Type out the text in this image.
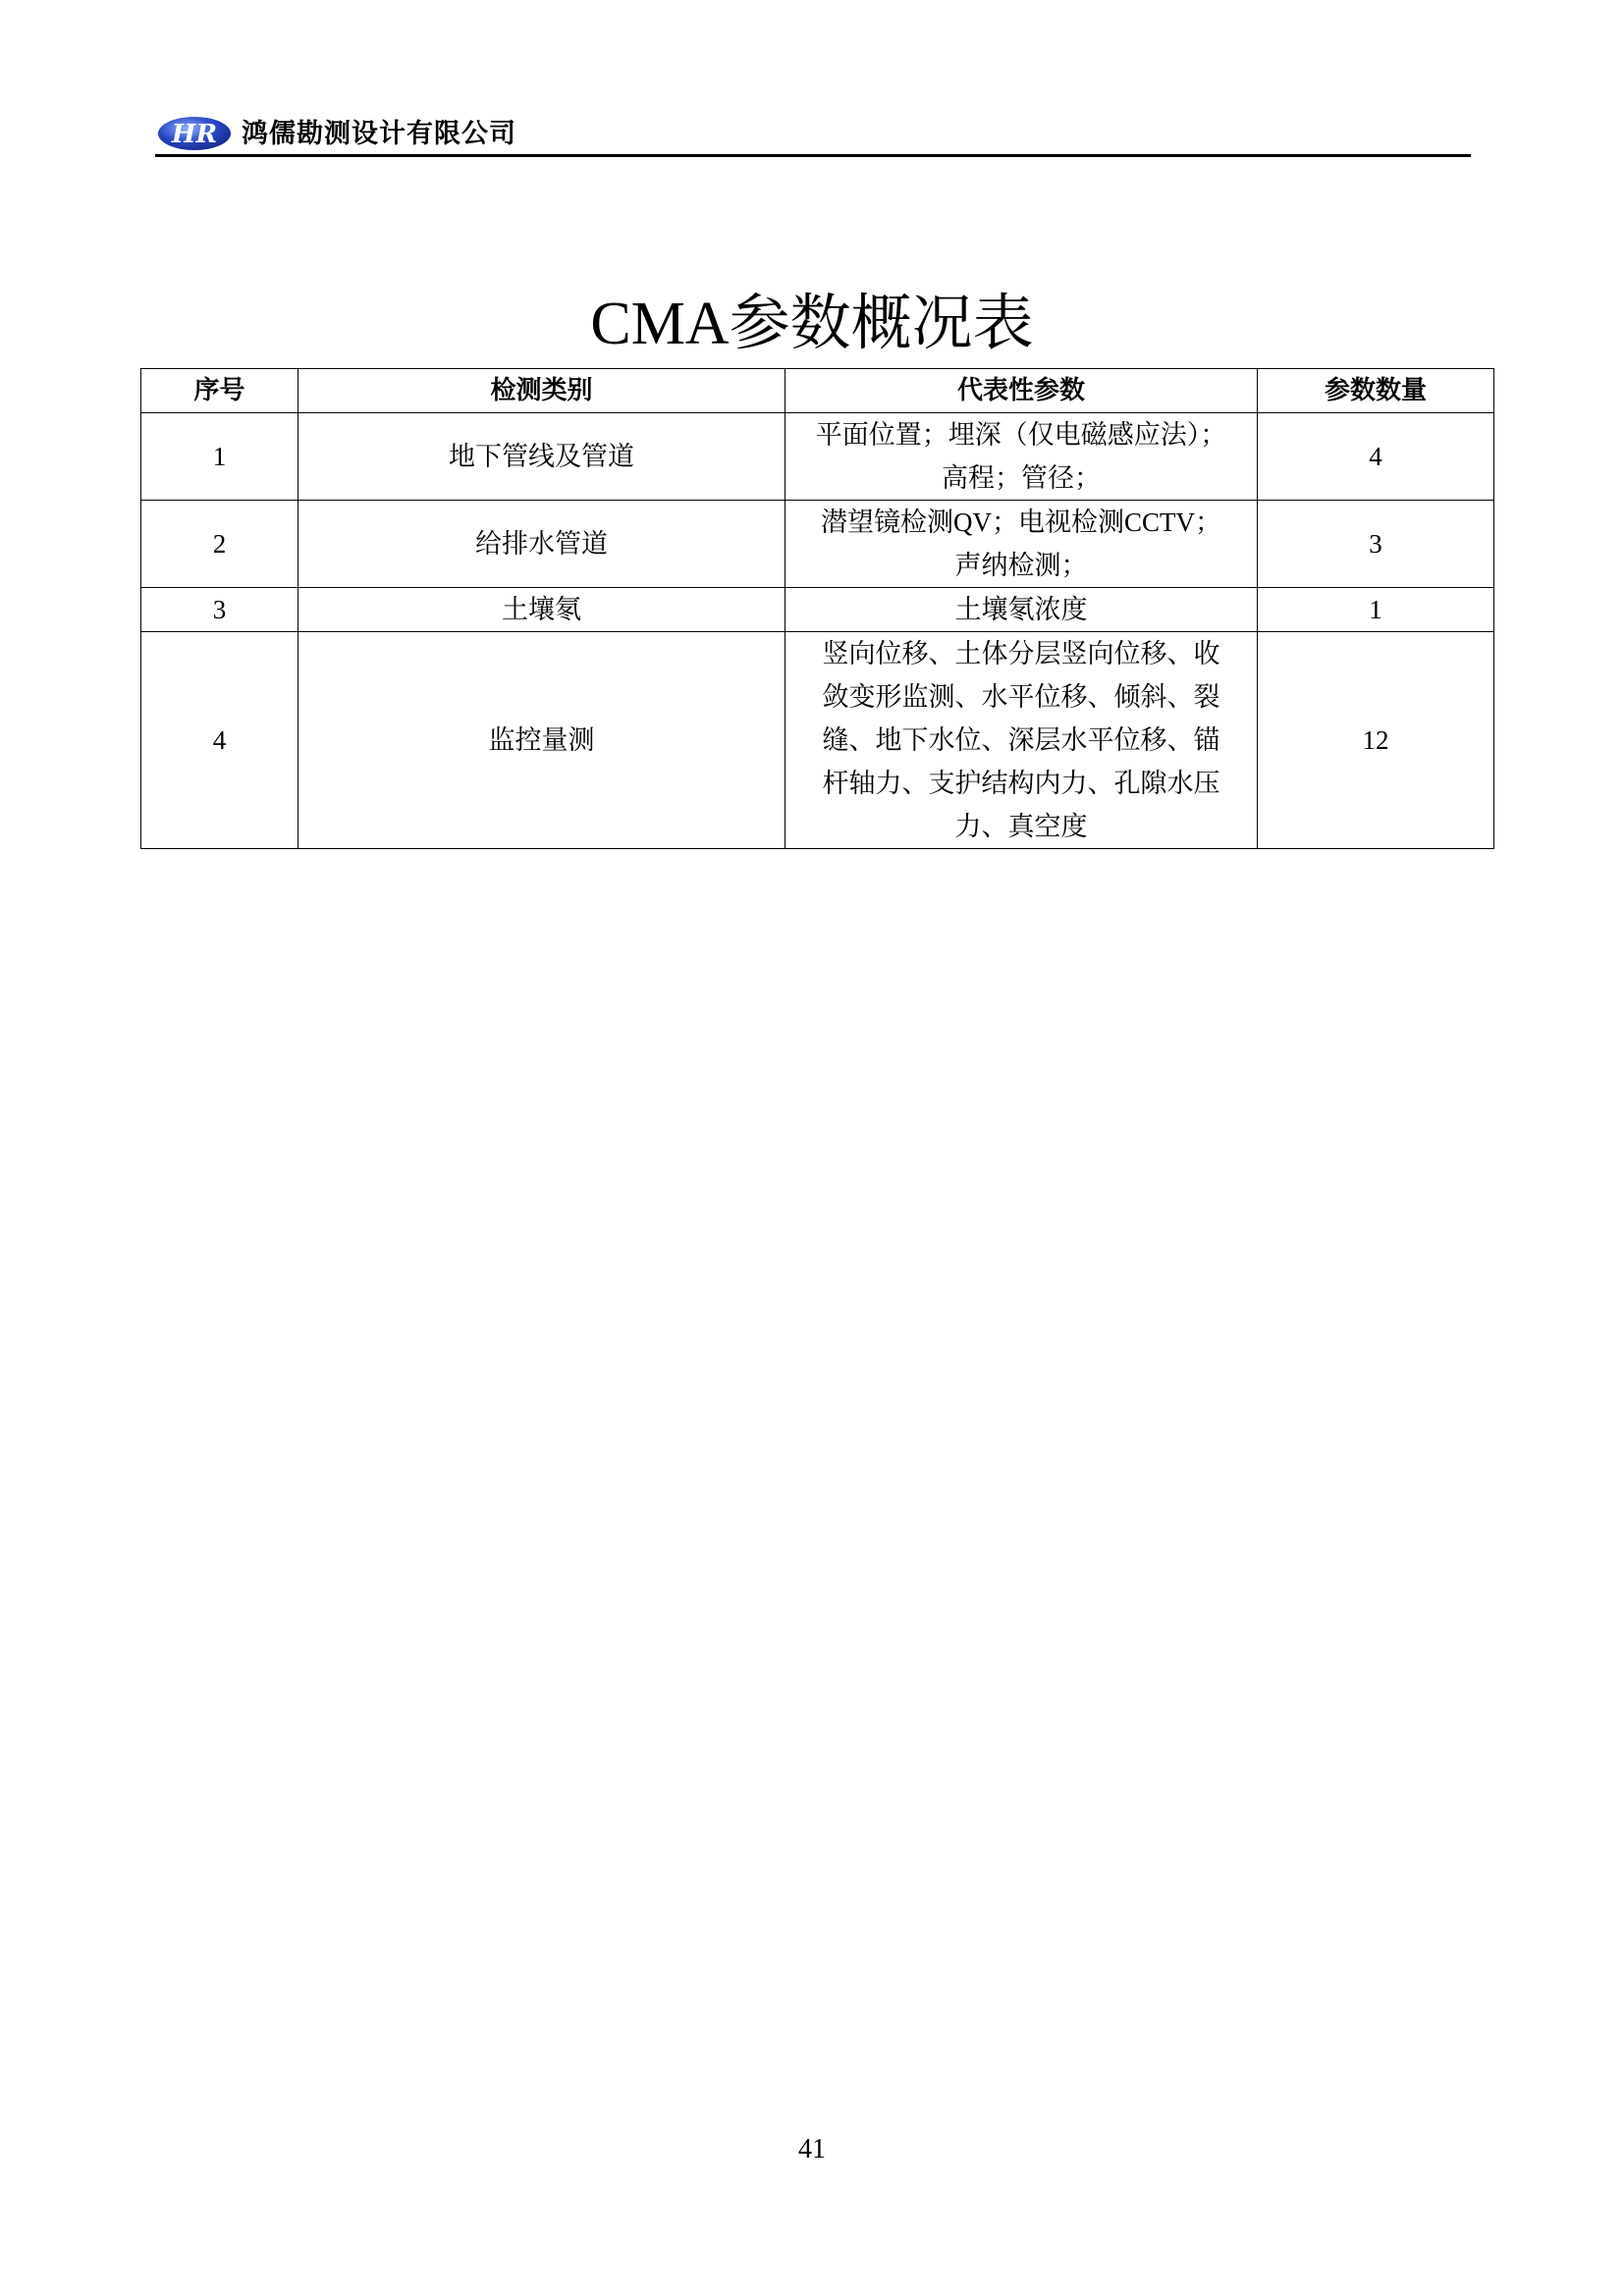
HR 鸿儒勘测设计有限公司
CMA参数概况表
序号	检测类别	代表性参数	参数数量
1	地下管线及管道	平面位置；埋深（仅电磁感应法）；
高程；管径；	4
2	给排水管道	潜望镜检测QV；电视检测CCTV；
声纳检测；	3
3	土壤氡	土壤氡浓度	1
4	监控量测	竖向位移、土体分层竖向位移、收
敛变形监测、水平位移、倾斜、裂
缝、地下水位、深层水平位移、锚
杆轴力、支护结构内力、孔隙水压
力、真空度	12
41
